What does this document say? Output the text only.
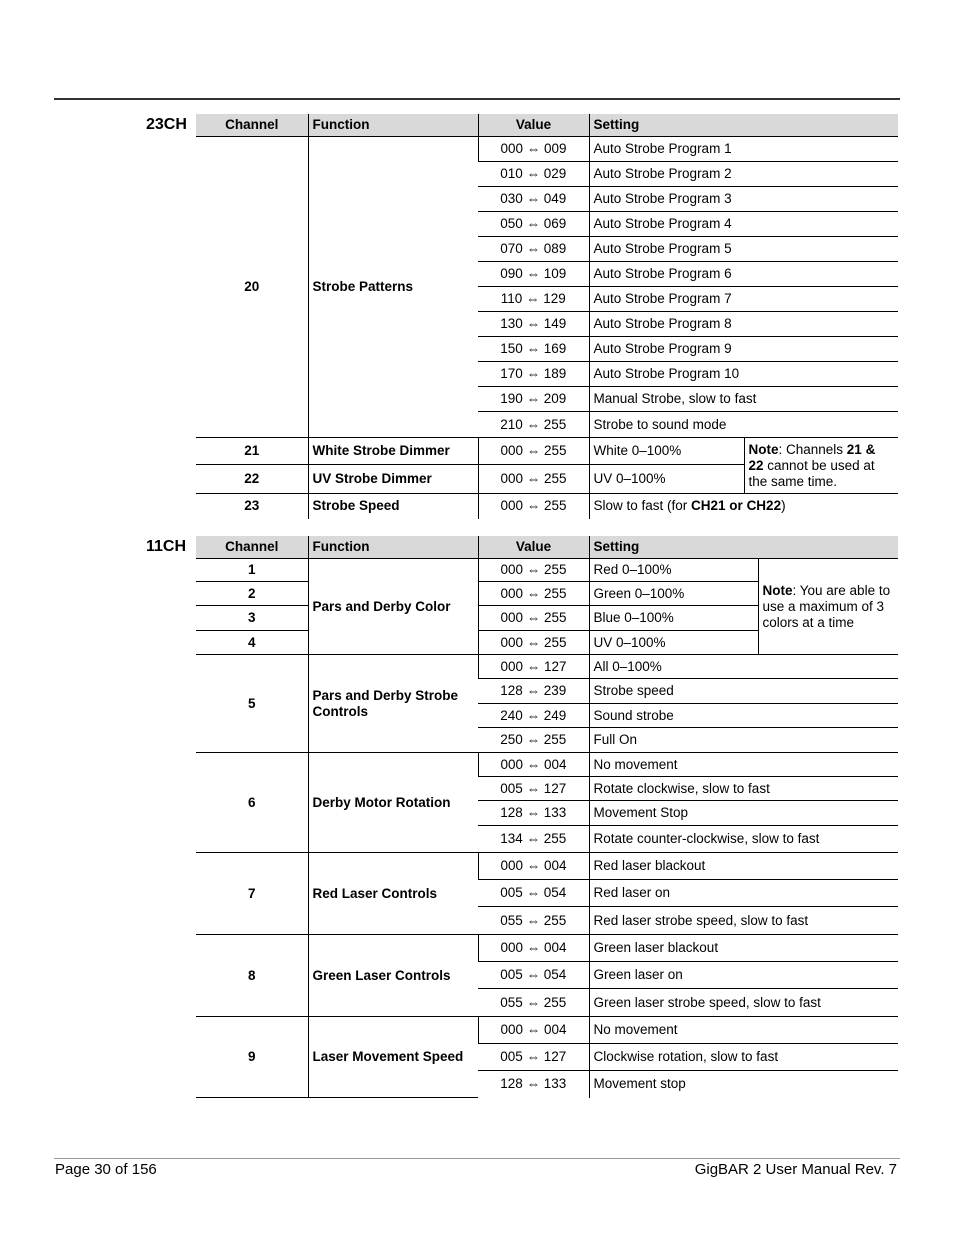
23CH	Channel	Function	Value	Setting	
20	Strobe Patterns	000 ⇔ 009	Auto Strobe Program 1	
		010 ⇔ 029	Auto Strobe Program 2	
		030 ⇔ 049	Auto Strobe Program 3	
		050 ⇔ 069	Auto Strobe Program 4	
		070 ⇔ 089	Auto Strobe Program 5	
		090 ⇔ 109	Auto Strobe Program 6	
		110 ⇔ 129	Auto Strobe Program 7	
		130 ⇔ 149	Auto Strobe Program 8	
		150 ⇔ 169	Auto Strobe Program 9	
		170 ⇔ 189	Auto Strobe Program 10	
		190 ⇔ 209	Manual Strobe, slow to fast	
		210 ⇔ 255	Strobe to sound mode	
21	White Strobe Dimmer	000 ⇔ 255	White 0–100%	Note: Channels 21 & 22 cannot be used at the same time.
22	UV Strobe Dimmer	000 ⇔ 255	UV 0–100%	
23	Strobe Speed	000 ⇔ 255	Slow to fast (for CH21 or CH22)	
11CH	Channel	Function	Value	Setting	
1	Pars and Derby Color	000 ⇔ 255	Red 0–100%	Note: You are able to use a maximum of 3 colors at a time
2		000 ⇔ 255	Green 0–100%	
3		000 ⇔ 255	Blue 0–100%	
4		000 ⇔ 255	UV 0–100%	
5	Pars and Derby Strobe Controls	000 ⇔ 127	All 0–100%	
		128 ⇔ 239	Strobe speed	
		240 ⇔ 249	Sound strobe	
		250 ⇔ 255	Full On	
6	Derby Motor Rotation	000 ⇔ 004	No movement	
		005 ⇔ 127	Rotate clockwise, slow to fast	
		128 ⇔ 133	Movement Stop	
		134 ⇔ 255	Rotate counter-clockwise, slow to fast	
7	Red Laser Controls	000 ⇔ 004	Red laser blackout	
		005 ⇔ 054	Red laser on	
		055 ⇔ 255	Red laser strobe speed, slow to fast	
8	Green Laser Controls	000 ⇔ 004	Green laser blackout	
		005 ⇔ 054	Green laser on	
		055 ⇔ 255	Green laser strobe speed, slow to fast	
9	Laser Movement Speed	000 ⇔ 004	No movement	
		005 ⇔ 127	Clockwise rotation, slow to fast	
		128 ⇔ 133	Movement stop	
Page 30 of 156	GigBAR 2 User Manual Rev. 7
